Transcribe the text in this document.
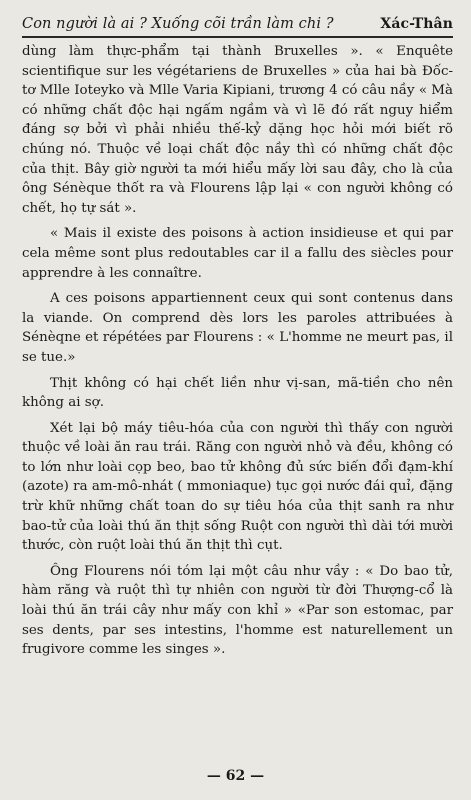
Con người là ai ? Xuống cõi trần làm chi ?	Xác-Thân

dùng làm thực-phẩm tại thành Bruxelles ». « Enquête scientifique sur les végétariens de Bruxelles » của hai bà Đốc-tơ Mlle Ioteyko và Mlle Varia Kipiani, trương 4 có câu nầy « Mà có những chất độc hại ngấm ngầm và vì lẽ đó rất nguy hiểm đáng sợ bởi vì phải nhiều thế-kỷ dặng học hỏi mới biết rõ chúng nó. Thuộc về loại chất độc nầy thì có những chất độc của thịt. Bây giờ người ta mới hiểu mấy lời sau đây, cho là của ông Sénèque thốt ra và Flourens lập lại « con người không có chết, họ tự sát ».

« Mais il existe des poisons à action insidieuse et qui par cela même sont plus redoutables car il a fallu des siècles pour apprendre à les connaître.

A ces poisons appartiennent ceux qui sont contenus dans la viande. On comprend dès lors les paroles attribuées à Sénèqne et répétées par Flourens : « L'homme ne meurt pas, il se tue.»

Thịt không có hại chết liền như vị-san, mã-tiền cho nên không ai sợ.

Xét lại bộ máy tiêu-hóa của con người thì thấy con người thuộc về loài ăn rau trái. Răng con người nhỏ và đều, không có to lớn như loài cọp beo, bao tử không đủ sức biến đổi đạm-khí (azote) ra am-mô-nhát ( mmoniaque) tục gọi nước đái quỉ, đặng trừ khữ những chất toan do sự tiêu hóa của thịt sanh ra như bao-tử của loài thú ăn thịt sống Ruột con người thì dài tới mười thước, còn ruột loài thú ăn thịt thì cụt.

Ông Flourens nói tóm lại một câu như vầy : « Do bao tử, hàm răng và ruột thì tự nhiên con người từ đời Thượng-cổ là loài thú ăn trái cây như mấy con khỉ » «Par son estomac, par ses dents, par ses intestins, l'homme est naturellement un frugivore comme les singes ».

— 62 —
